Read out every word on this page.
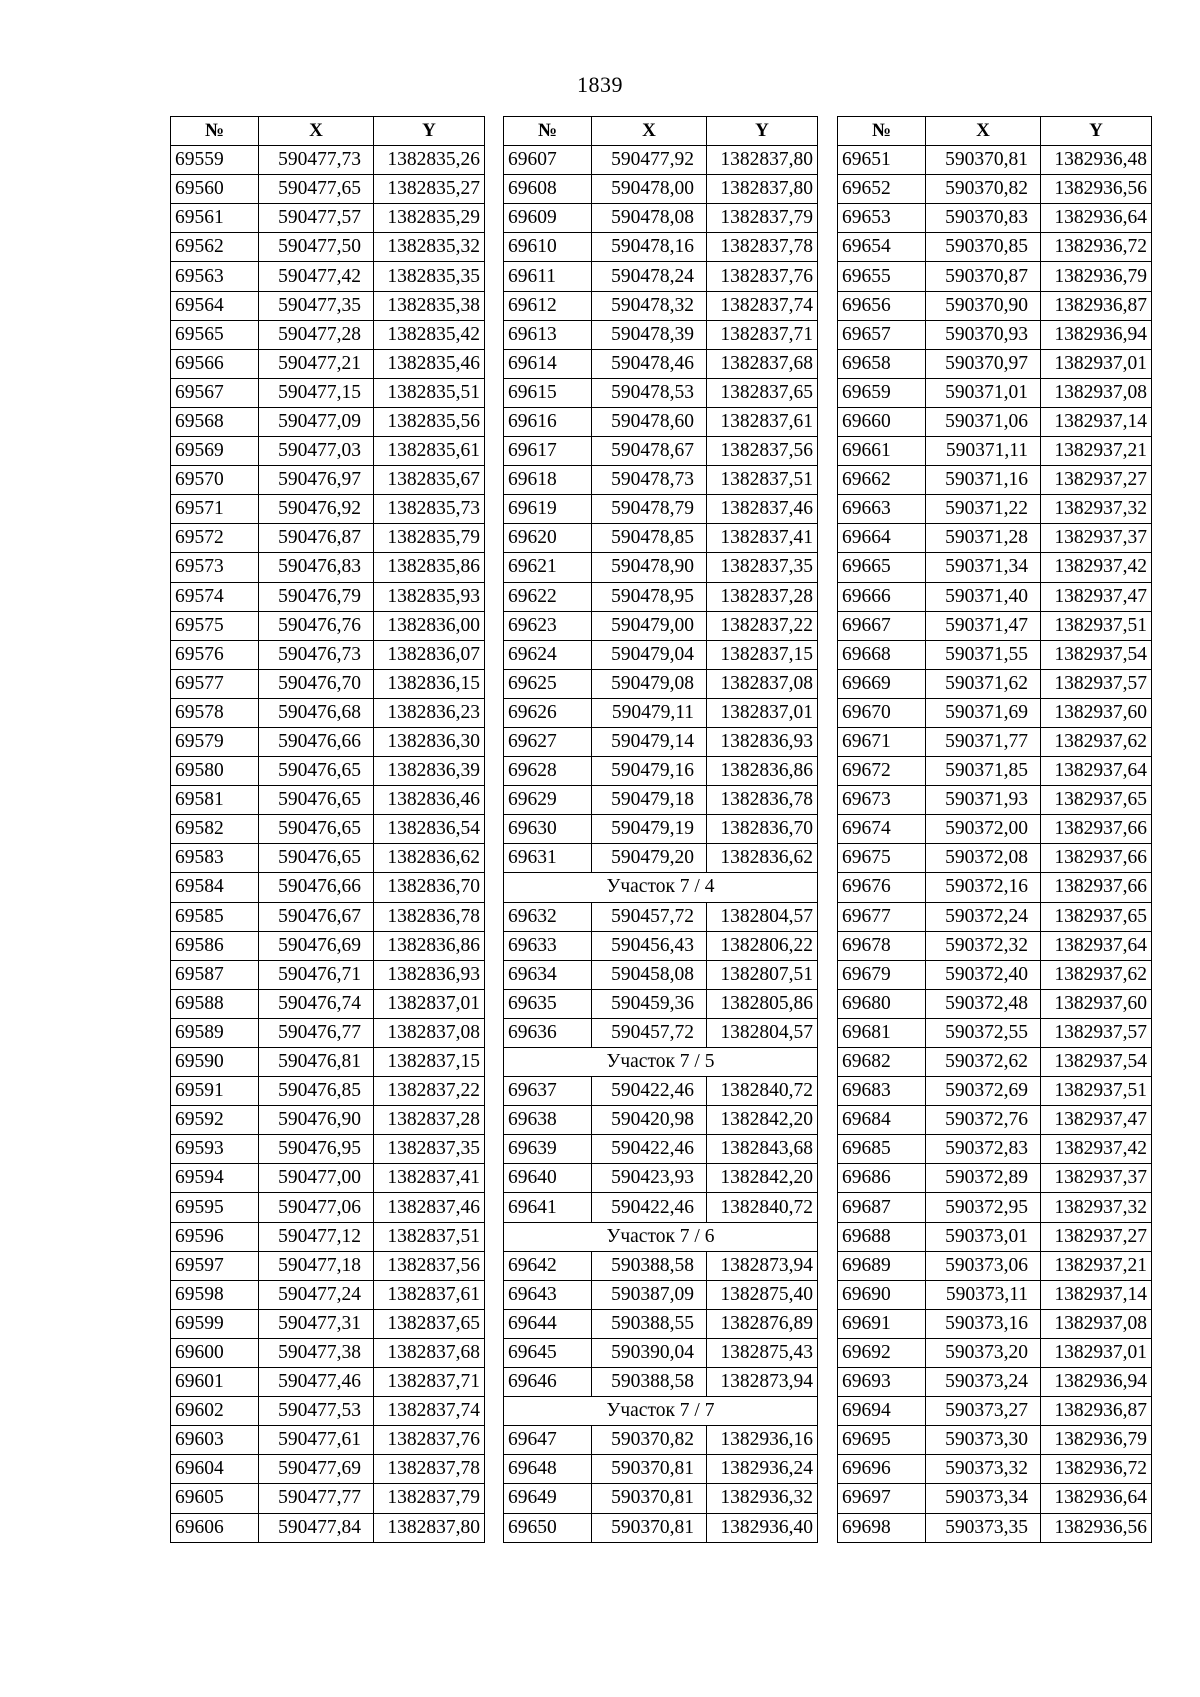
1839
№	X	Y
69559	590477,73	1382835,26
69560	590477,65	1382835,27
69561	590477,57	1382835,29
69562	590477,50	1382835,32
69563	590477,42	1382835,35
69564	590477,35	1382835,38
69565	590477,28	1382835,42
69566	590477,21	1382835,46
69567	590477,15	1382835,51
69568	590477,09	1382835,56
69569	590477,03	1382835,61
69570	590476,97	1382835,67
69571	590476,92	1382835,73
69572	590476,87	1382835,79
69573	590476,83	1382835,86
69574	590476,79	1382835,93
69575	590476,76	1382836,00
69576	590476,73	1382836,07
69577	590476,70	1382836,15
69578	590476,68	1382836,23
69579	590476,66	1382836,30
69580	590476,65	1382836,39
69581	590476,65	1382836,46
69582	590476,65	1382836,54
69583	590476,65	1382836,62
69584	590476,66	1382836,70
69585	590476,67	1382836,78
69586	590476,69	1382836,86
69587	590476,71	1382836,93
69588	590476,74	1382837,01
69589	590476,77	1382837,08
69590	590476,81	1382837,15
69591	590476,85	1382837,22
69592	590476,90	1382837,28
69593	590476,95	1382837,35
69594	590477,00	1382837,41
69595	590477,06	1382837,46
69596	590477,12	1382837,51
69597	590477,18	1382837,56
69598	590477,24	1382837,61
69599	590477,31	1382837,65
69600	590477,38	1382837,68
69601	590477,46	1382837,71
69602	590477,53	1382837,74
69603	590477,61	1382837,76
69604	590477,69	1382837,78
69605	590477,77	1382837,79
69606	590477,84	1382837,80
№	X	Y
69607	590477,92	1382837,80
69608	590478,00	1382837,80
69609	590478,08	1382837,79
69610	590478,16	1382837,78
69611	590478,24	1382837,76
69612	590478,32	1382837,74
69613	590478,39	1382837,71
69614	590478,46	1382837,68
69615	590478,53	1382837,65
69616	590478,60	1382837,61
69617	590478,67	1382837,56
69618	590478,73	1382837,51
69619	590478,79	1382837,46
69620	590478,85	1382837,41
69621	590478,90	1382837,35
69622	590478,95	1382837,28
69623	590479,00	1382837,22
69624	590479,04	1382837,15
69625	590479,08	1382837,08
69626	590479,11	1382837,01
69627	590479,14	1382836,93
69628	590479,16	1382836,86
69629	590479,18	1382836,78
69630	590479,19	1382836,70
69631	590479,20	1382836,62
Участок 7 / 4		
69632	590457,72	1382804,57
69633	590456,43	1382806,22
69634	590458,08	1382807,51
69635	590459,36	1382805,86
69636	590457,72	1382804,57
Участок 7 / 5		
69637	590422,46	1382840,72
69638	590420,98	1382842,20
69639	590422,46	1382843,68
69640	590423,93	1382842,20
69641	590422,46	1382840,72
Участок 7 / 6		
69642	590388,58	1382873,94
69643	590387,09	1382875,40
69644	590388,55	1382876,89
69645	590390,04	1382875,43
69646	590388,58	1382873,94
Участок 7 / 7		
69647	590370,82	1382936,16
69648	590370,81	1382936,24
69649	590370,81	1382936,32
69650	590370,81	1382936,40
№	X	Y
69651	590370,81	1382936,48
69652	590370,82	1382936,56
69653	590370,83	1382936,64
69654	590370,85	1382936,72
69655	590370,87	1382936,79
69656	590370,90	1382936,87
69657	590370,93	1382936,94
69658	590370,97	1382937,01
69659	590371,01	1382937,08
69660	590371,06	1382937,14
69661	590371,11	1382937,21
69662	590371,16	1382937,27
69663	590371,22	1382937,32
69664	590371,28	1382937,37
69665	590371,34	1382937,42
69666	590371,40	1382937,47
69667	590371,47	1382937,51
69668	590371,55	1382937,54
69669	590371,62	1382937,57
69670	590371,69	1382937,60
69671	590371,77	1382937,62
69672	590371,85	1382937,64
69673	590371,93	1382937,65
69674	590372,00	1382937,66
69675	590372,08	1382937,66
69676	590372,16	1382937,66
69677	590372,24	1382937,65
69678	590372,32	1382937,64
69679	590372,40	1382937,62
69680	590372,48	1382937,60
69681	590372,55	1382937,57
69682	590372,62	1382937,54
69683	590372,69	1382937,51
69684	590372,76	1382937,47
69685	590372,83	1382937,42
69686	590372,89	1382937,37
69687	590372,95	1382937,32
69688	590373,01	1382937,27
69689	590373,06	1382937,21
69690	590373,11	1382937,14
69691	590373,16	1382937,08
69692	590373,20	1382937,01
69693	590373,24	1382936,94
69694	590373,27	1382936,87
69695	590373,30	1382936,79
69696	590373,32	1382936,72
69697	590373,34	1382936,64
69698	590373,35	1382936,56
